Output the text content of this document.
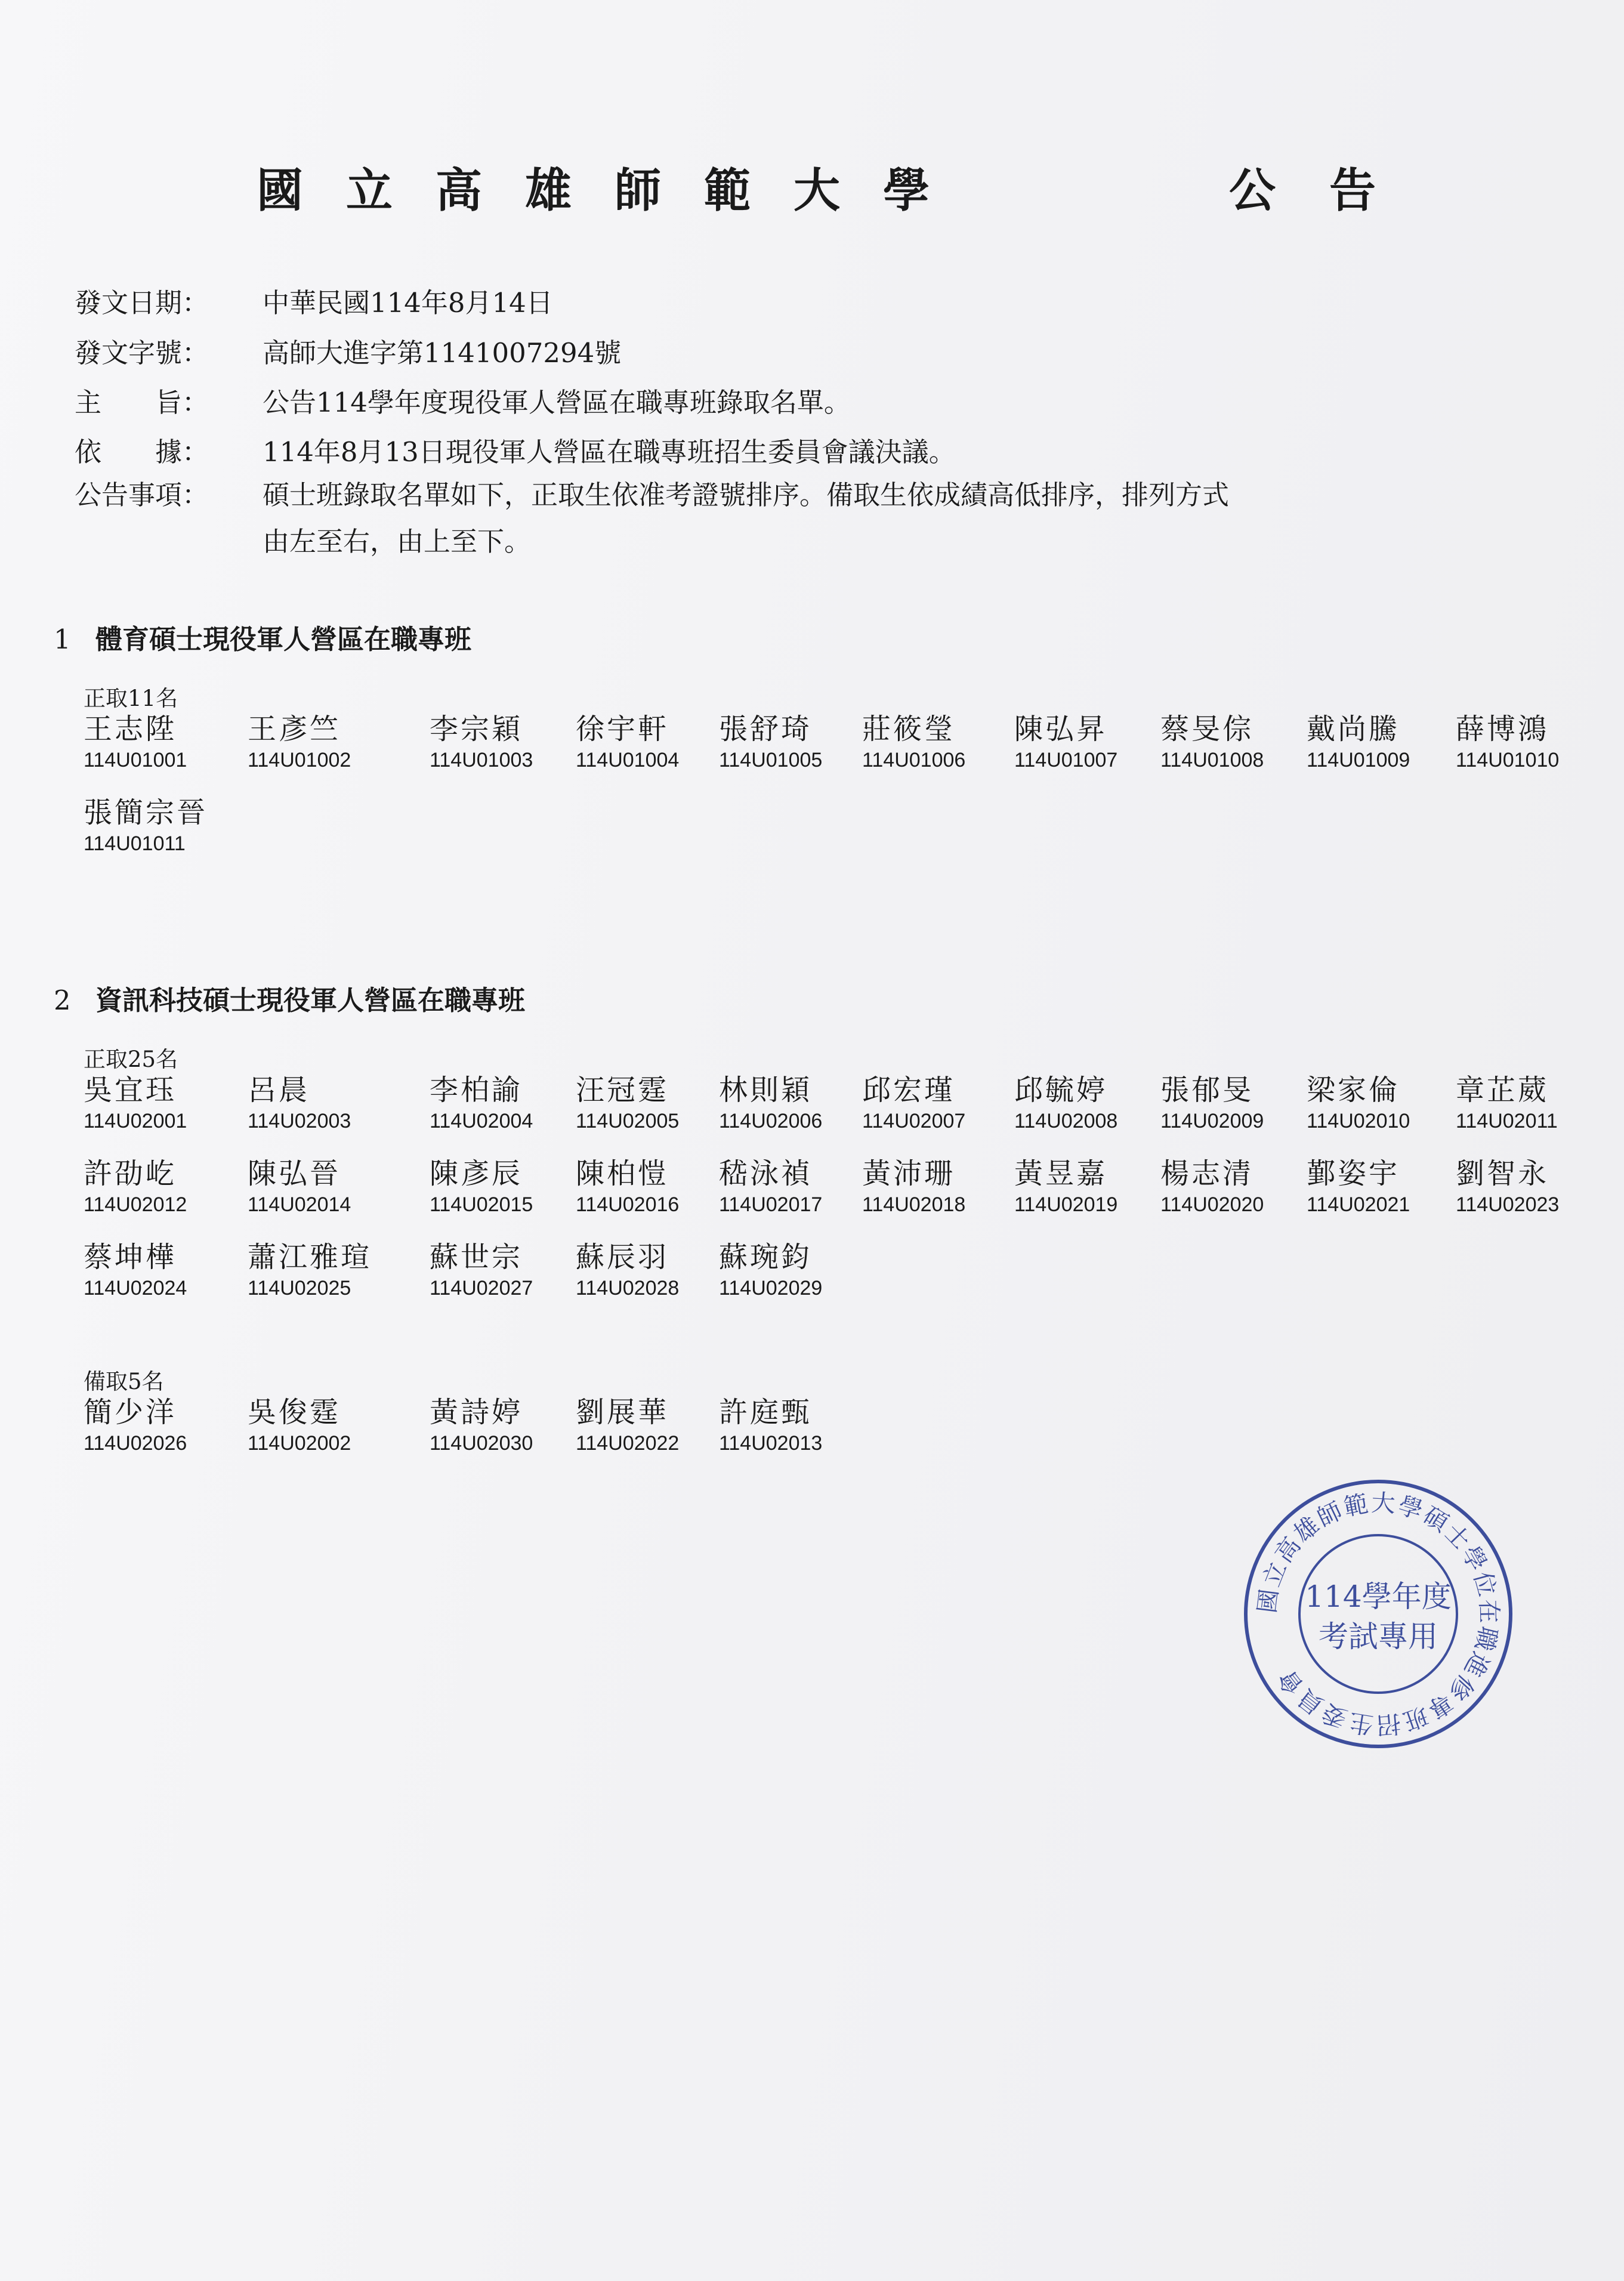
國立高雄師範大學	公告
發文日期： 中華民國114年8月14日
發文字號： 高師大進字第1141007294號
主　　旨： 公告114學年度現役軍人營區在職專班錄取名單。
依　　據： 114年8月13日現役軍人營區在職專班招生委員會議決議。
公告事項： 碩士班錄取名單如下，正取生依准考證號排序。備取生依成績高低排序，排列方式
由左至右，由上至下。
1 體育碩士現役軍人營區在職專班
正取11名
王志陞
114U01001
王彥竺
114U01002
李宗穎
114U01003
徐宇軒
114U01004
張舒琦
114U01005
莊筱瑩
114U01006
陳弘昇
114U01007
蔡旻倧
114U01008
戴尚騰
114U01009
薛博鴻
114U01010
張簡宗晉
114U01011
2 資訊科技碩士現役軍人營區在職專班
正取25名
吳宜珏
114U02001
呂晨
114U02003
李柏諭
114U02004
汪冠霆
114U02005
林則穎
114U02006
邱宏瑾
114U02007
邱毓婷
114U02008
張郁旻
114U02009
梁家倫
114U02010
章芷葳
114U02011
許劭屹
114U02012
陳弘晉
114U02014
陳彥辰
114U02015
陳柏愷
114U02016
嵇泳禎
114U02017
黃沛珊
114U02018
黃昱嘉
114U02019
楊志清
114U02020
鄞姿宇
114U02021
劉智永
114U02023
蔡坤樺
114U02024
蕭江雅瑄
114U02025
蘇世宗
114U02027
蘇辰羽
114U02028
蘇琬鈞
114U02029
備取5名
簡少洋
114U02026
吳俊霆
114U02002
黃詩婷
114U02030
劉展華
114U02022
許庭甄
114U02013
國立高雄師範大學碩士學位在職進修專班招生委員會
114學年度
考試專用
